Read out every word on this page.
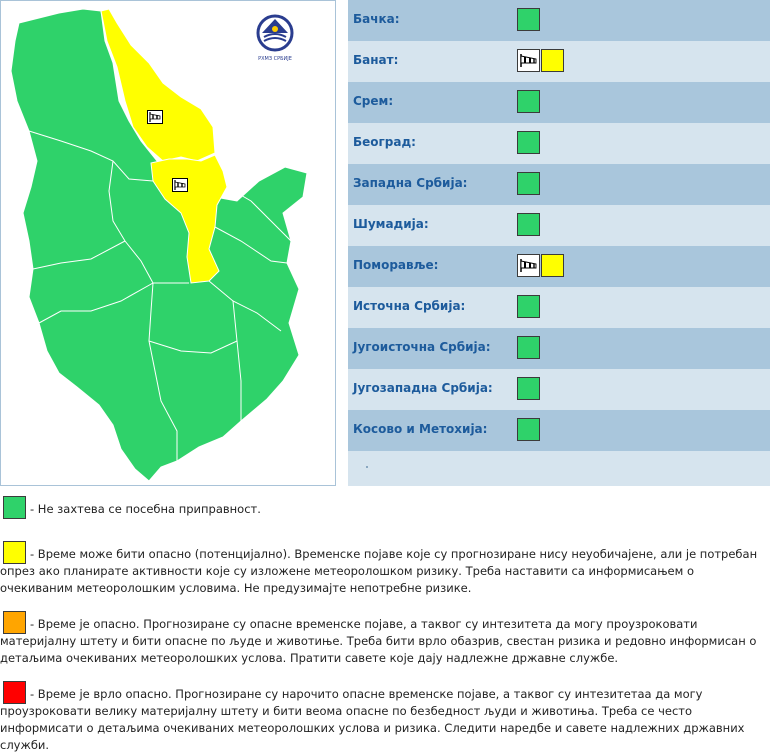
РХМЗ СРБИЈЕ
Бачка:
Банат:
Срем:
Београд:
Западна Србија:
Шумадија:
Поморавље:
Источна Србија:
Југоисточна Србија:
Југозападна Србија:
Косово и Метохија:

- Не захтева се посебна приправност.

- Време може бити опасно (потенцијално). Временске појаве које су прогнозиране нису неуобичајене, али је потребан опрез ако планирате активности које су изложене метеоролошком ризику. Треба наставити са информисањем о очекиваним метеоролошким условима. Не предузимајте непотребне ризике.

- Време је опасно. Прогнозиране су опасне временске појаве, а таквог су интезитета да могу проузроковати материјалну штету и бити опасне по људе и животиње. Треба бити врло обазрив, свестан ризика и редовно информисан о детаљима очекиваних метеоролошких услова. Пратити савете које дају надлежне државне службе.

- Време је врло опасно. Прогнозиране су нарочито опасне временске појаве, а таквог су интезитетаа да могу проузроковати велику материјалну штету и бити веома опасне по безбедност људи и животиња. Треба се често информисати о детаљима очекиваних метеоролошких услова и ризика. Следити наредбе и савете надлежних државних служби.
